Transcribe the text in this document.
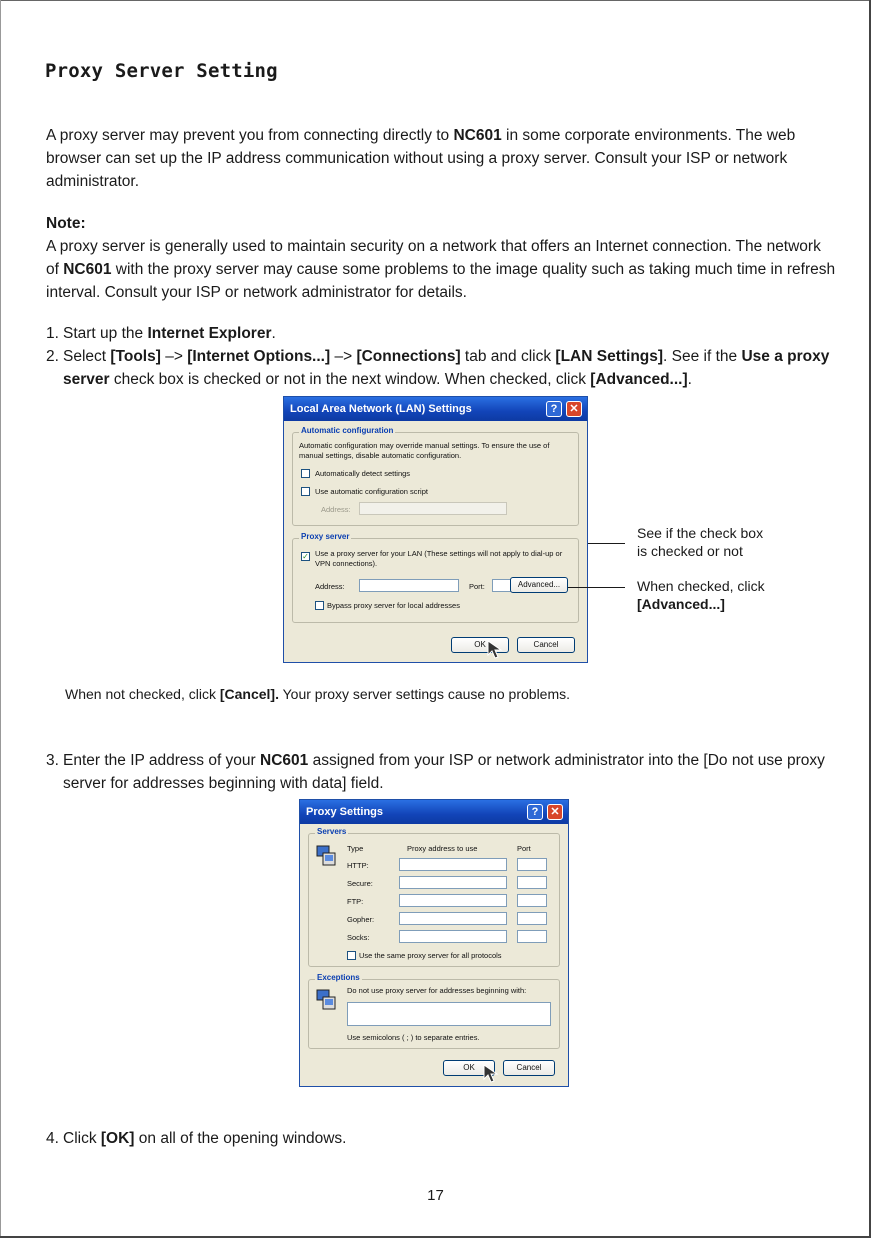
Proxy Server Setting

A proxy server may prevent you from connecting directly to NC601 in some corporate environments. The web browser can set up the IP address communication without using a proxy server. Consult your ISP or network administrator.

Note:

A proxy server is generally used to maintain security on a network that offers an Internet connection. The network of NC601 with the proxy server may cause some problems to the image quality such as taking much time in refresh interval. Consult your ISP or network administrator for details.

1. Start up the Internet Explorer.
2. Select [Tools] –> [Internet Options...] –> [Connections] tab and click [LAN Settings]. See if the Use a proxy server check box is checked or not in the next window. When checked, click [Advanced...].
Local Area Network (LAN) Settings	?	✕
Automatic configuration
Automatic configuration may override manual settings. To ensure the use of manual settings, disable automatic configuration.
Automatically detect settings
Use automatic configuration script
Address:
Proxy server
✓ Use a proxy server for your LAN (These settings will not apply to dial-up or VPN connections).
Address:	Port:	Advanced...
Bypass proxy server for local addresses
OK	Cancel
See if the check box
is checked or not
When checked, click
[Advanced...]
When not checked, click [Cancel]. Your proxy server settings cause no problems.
3. Enter the IP address of your NC601 assigned from your ISP or network administrator into the [Do not use proxy server for addresses beginning with data] field.
Proxy Settings	?	✕
Servers
Type	Proxy address to use	Port
HTTP:
Secure:
FTP:
Gopher:
Socks:
Use the same proxy server for all protocols
Exceptions
Do not use proxy server for addresses beginning with:
Use semicolons ( ; ) to separate entries.
OK	Cancel
4. Click [OK] on all of the opening windows.
17
